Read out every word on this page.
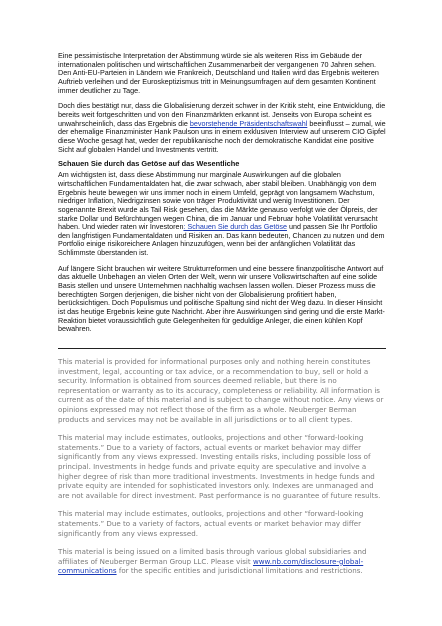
Eine pessimistische Interpretation der Abstimmung würde sie als weiteren Riss im Gebäude der internationalen politischen und wirtschaftlichen Zusammenarbeit der vergangenen 70 Jahren sehen. Den Anti-EU-Parteien in Ländern wie Frankreich, Deutschland und Italien wird das Ergebnis weiteren Auftrieb verleihen und der Euroskeptizismus tritt in Meinungsumfragen auf dem gesamten Kontinent immer deutlicher zu Tage.

Doch dies bestätigt nur, dass die Globalisierung derzeit schwer in der Kritik steht, eine Entwicklung, die bereits weit fortgeschritten und von den Finanzmärkten erkannt ist. Jenseits von Europa scheint es unwahrscheinlich, dass das Ergebnis die bevorstehende Präsidentschaftswahl beeinflusst – zumal, wie der ehemalige Finanzminister Hank Paulson uns in einem exklusiven Interview auf unserem CIO Gipfel diese Woche gesagt hat, weder der republikanische noch der demokratische Kandidat eine positive Sicht auf globalen Handel und Investments vertritt.

Schauen Sie durch das Getöse auf das Wesentliche

Am wichtigsten ist, dass diese Abstimmung nur marginale Auswirkungen auf die globalen wirtschaftlichen Fundamentaldaten hat, die zwar schwach, aber stabil bleiben. Unabhängig von dem Ergebnis heute bewegen wir uns immer noch in einem Umfeld, geprägt von langsamem Wachstum, niedriger Inflation, Niedrigzinsen sowie von träger Produktivität und wenig Investitionen. Der sogenannte Brexit wurde als Tail Risk gesehen, das die Märkte genauso verfolgt wie der Ölpreis, der starke Dollar und Befürchtungen wegen China, die im Januar und Februar hohe Volatilität verursacht haben. Und wieder raten wir Investoren: Schauen Sie durch das Getöse und passen Sie Ihr Portfolio den langfristigen Fundamentaldaten und Risiken an. Das kann bedeuten, Chancen zu nutzen und dem Portfolio einige risikoreichere Anlagen hinzuzufügen, wenn bei der anfänglichen Volatilität das Schlimmste überstanden ist.

Auf längere Sicht brauchen wir weitere Strukturreformen und eine bessere finanzpolitische Antwort auf das aktuelle Unbehagen an vielen Orten der Welt, wenn wir unsere Volkswirtschaften auf eine solide Basis stellen und unsere Unternehmen nachhaltig wachsen lassen wollen. Dieser Prozess muss die berechtigten Sorgen derjenigen, die bisher nicht von der Globalisierung profitiert haben, berücksichtigen. Doch Populismus und politische Spaltung sind nicht der Weg dazu. In dieser Hinsicht ist das heutige Ergebnis keine gute Nachricht. Aber ihre Auswirkungen sind gering und die erste Markt-Reaktion bietet voraussichtlich gute Gelegenheiten für geduldige Anleger, die einen kühlen Kopf bewahren.

This material is provided for informational purposes only and nothing herein constitutes investment, legal, accounting or tax advice, or a recommendation to buy, sell or hold a security. Information is obtained from sources deemed reliable, but there is no representation or warranty as to its accuracy, completeness or reliability. All information is current as of the date of this material and is subject to change without notice. Any views or opinions expressed may not reflect those of the firm as a whole. Neuberger Berman products and services may not be available in all jurisdictions or to all client types.

This material may include estimates, outlooks, projections and other “forward-looking statements.” Due to a variety of factors, actual events or market behavior may differ significantly from any views expressed. Investing entails risks, including possible loss of principal. Investments in hedge funds and private equity are speculative and involve a higher degree of risk than more traditional investments. Investments in hedge funds and private equity are intended for sophisticated investors only. Indexes are unmanaged and are not available for direct investment. Past performance is no guarantee of future results.

This material may include estimates, outlooks, projections and other “forward-looking statements.” Due to a variety of factors, actual events or market behavior may differ significantly from any views expressed.

This material is being issued on a limited basis through various global subsidiaries and affiliates of Neuberger Berman Group LLC. Please visit www.nb.com/disclosure-global-communications for the specific entities and jurisdictional limitations and restrictions.
